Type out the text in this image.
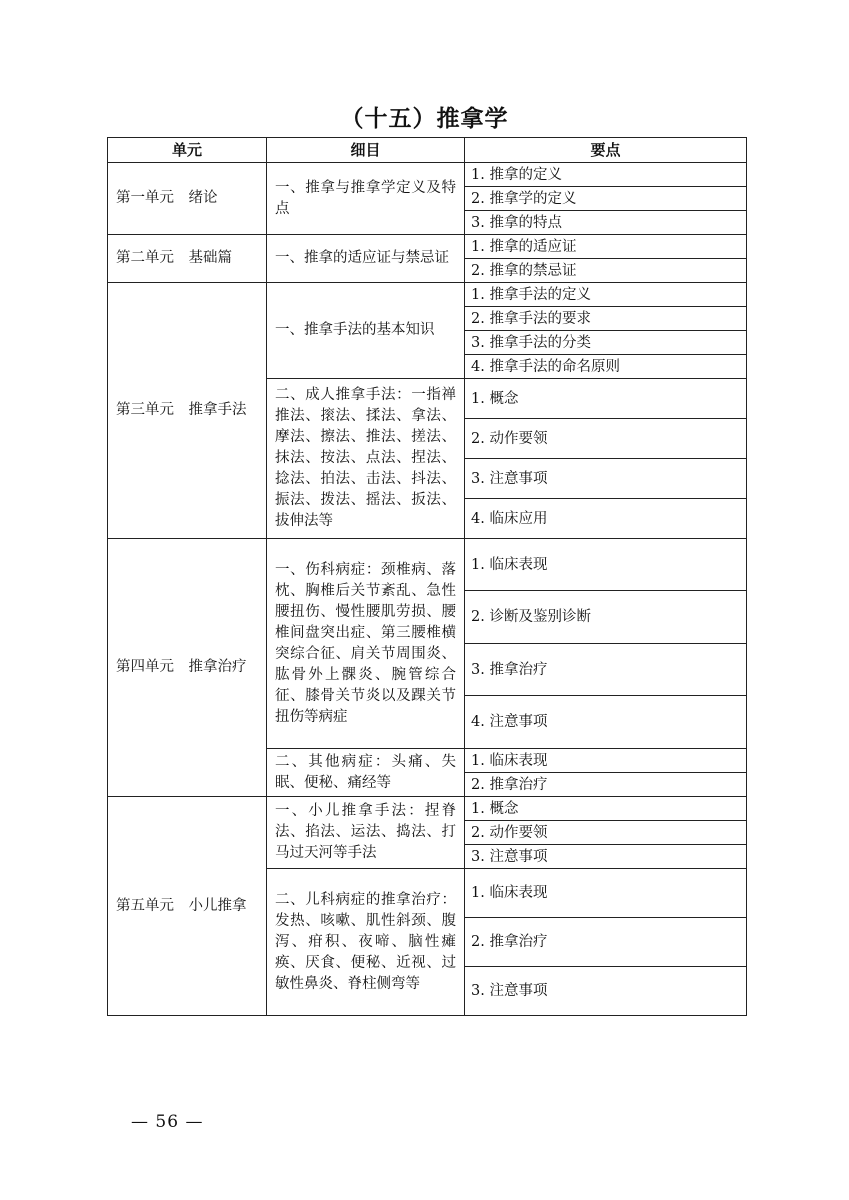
（十五）推拿学
单元	细目	要点
第一单元　绪论	一、推拿与推拿学定义及特点	1. 推拿的定义
		2. 推拿学的定义
		3. 推拿的特点
第二单元　基础篇	一、推拿的适应证与禁忌证	1. 推拿的适应证
		2. 推拿的禁忌证
第三单元　推拿手法	一、推拿手法的基本知识	1. 推拿手法的定义
		2. 推拿手法的要求
		3. 推拿手法的分类
		4. 推拿手法的命名原则
	二、成人推拿手法：一指禅推法、㨰法、揉法、拿法、摩法、擦法、推法、搓法、抹法、按法、点法、捏法、捻法、拍法、击法、抖法、振法、拨法、摇法、扳法、拔伸法等	1. 概念
		2. 动作要领
		3. 注意事项
		4. 临床应用
第四单元　推拿治疗	一、伤科病症：颈椎病、落枕、胸椎后关节紊乱、急性腰扭伤、慢性腰肌劳损、腰椎间盘突出症、第三腰椎横突综合征、肩关节周围炎、肱骨外上髁炎、腕管综合征、膝骨关节炎以及踝关节扭伤等病症	1. 临床表现
		2. 诊断及鉴别诊断
		3. 推拿治疗
		4. 注意事项
	二、其他病症：头痛、失眠、便秘、痛经等	1. 临床表现
		2. 推拿治疗
第五单元　小儿推拿	一、小儿推拿手法：捏脊法、掐法、运法、捣法、打马过天河等手法	1. 概念
		2. 动作要领
		3. 注意事项
	二、儿科病症的推拿治疗：发热、咳嗽、肌性斜颈、腹泻、疳积、夜啼、脑性瘫痪、厌食、便秘、近视、过敏性鼻炎、脊柱侧弯等	1. 临床表现
		2. 推拿治疗
		3. 注意事项
— 56 —
